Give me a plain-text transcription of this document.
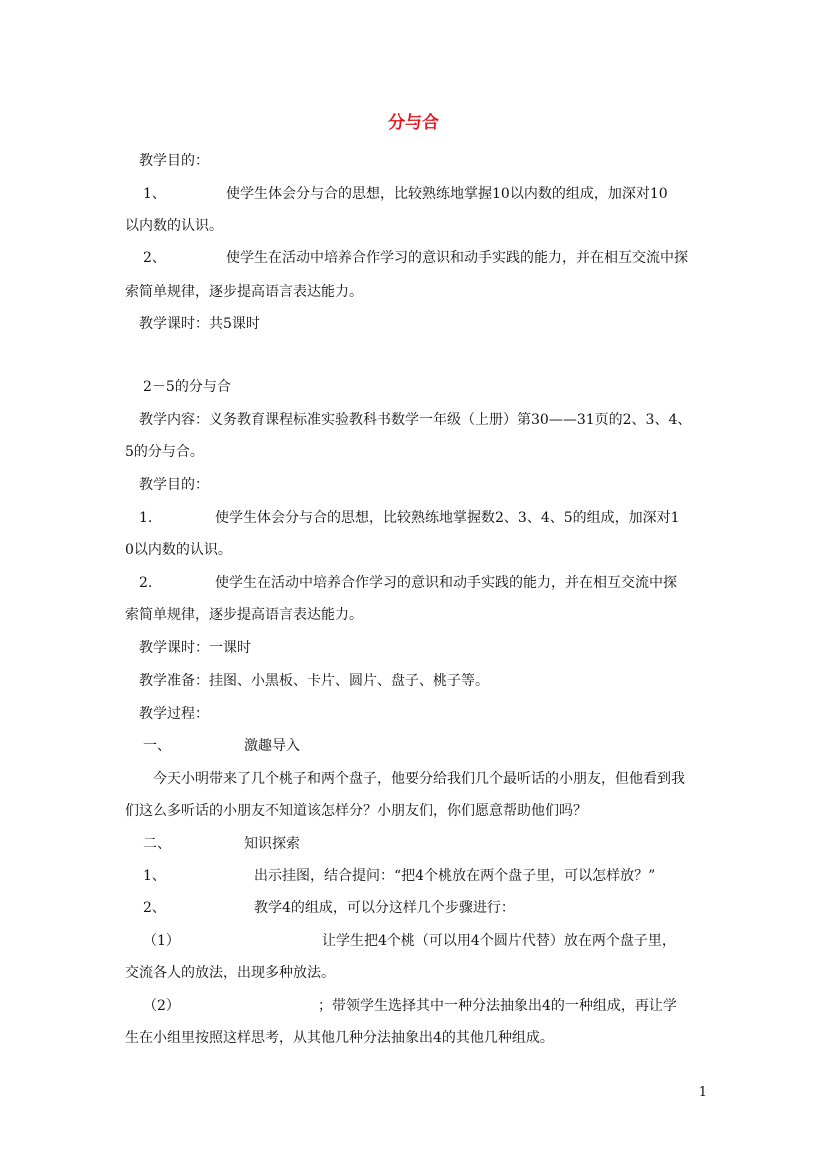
分与合
教学目的：
1、	使学生体会分与合的思想，比较熟练地掌握10以内数的组成，加深对10
以内数的认识。
2、	使学生在活动中培养合作学习的意识和动手实践的能力，并在相互交流中探
索简单规律，逐步提高语言表达能力。
教学课时：共5课时
2－5的分与合
教学内容：义务教育课程标准实验教科书数学一年级（上册）第30——31页的2、3、4、
5的分与合。
教学目的：
1.	使学生体会分与合的思想，比较熟练地掌握数2、3、4、5的组成，加深对1
0以内数的认识。
2.	使学生在活动中培养合作学习的意识和动手实践的能力，并在相互交流中探
索简单规律，逐步提高语言表达能力。
教学课时：一课时
教学准备：挂图、小黑板、卡片、圆片、盘子、桃子等。
教学过程：
一、	激趣导入
今天小明带来了几个桃子和两个盘子，他要分给我们几个最听话的小朋友，但他看到我
们这么多听话的小朋友不知道该怎样分？小朋友们，你们愿意帮助他们吗？
二、	知识探索
1、	出示挂图，结合提问：“把4个桃放在两个盘子里，可以怎样放？”
2、	教学4的组成，可以分这样几个步骤进行：
（1）	让学生把4个桃（可以用4个圆片代替）放在两个盘子里，
交流各人的放法，出现多种放法。
（2）	；带领学生选择其中一种分法抽象出4的一种组成，再让学
生在小组里按照这样思考，从其他几种分法抽象出4的其他几种组成。
1
